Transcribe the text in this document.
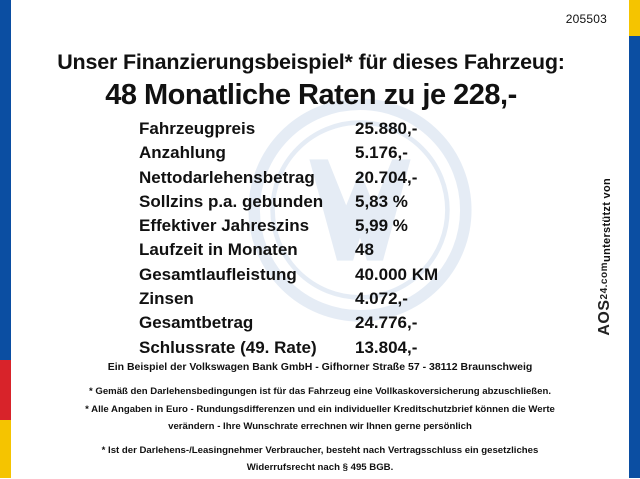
205503
Unser Finanzierungsbeispiel* für dieses Fahrzeug:
48 Monatliche Raten zu je 228,-
Fahrzeugpreis	25.880,-
Anzahlung	5.176,-
Nettodarlehensbetrag	20.704,-
Sollzins p.a. gebunden	5,83 %
Effektiver Jahreszins	5,99 %
Laufzeit in Monaten	48
Gesamtlaufleistung	40.000 KM
Zinsen	4.072,-
Gesamtbetrag	24.776,-
Schlussrate (49. Rate)	13.804,-
Ein Beispiel der Volkswagen Bank GmbH - Gifhorner Straße 57 - 38112 Braunschweig
* Gemäß den Darlehensbedingungen ist für das Fahrzeug eine Vollkaskoversicherung abzuschließen.
* Alle Angaben in Euro - Rundungsdifferenzen und ein individueller Kreditschutzbrief können die Werte
verändern - Ihre Wunschrate errechnen wir Ihnen gerne persönlich
* Ist der Darlehens-/Leasingnehmer Verbraucher, besteht nach Vertragsschluss ein gesetzliches
Widerrufsrecht nach § 495 BGB.
unterstützt von
AOS24.com
